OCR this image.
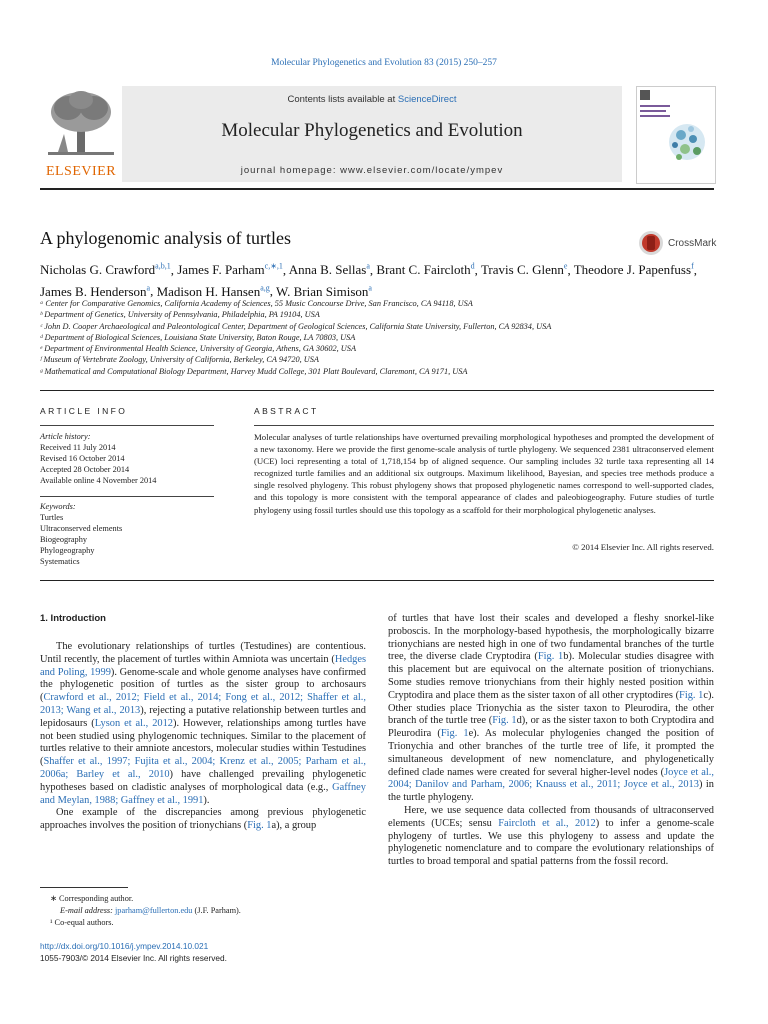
Molecular Phylogenetics and Evolution 83 (2015) 250–257
ELSEVIER
Contents lists available at ScienceDirect
Molecular Phylogenetics and Evolution
journal homepage: www.elsevier.com/locate/ympev
A phylogenomic analysis of turtles	CrossMark
Nicholas G. Crawford$^{a,b,1}$, James F. Parham$^{c,∗,1}$, Anna B. Sellas$^a$, Brant C. Faircloth$^d$, Travis C. Glenn$^e$, Theodore J. Papenfuss$^f$, James B. Henderson$^a$, Madison H. Hansen$^{a,g}$, W. Brian Simison$^a$
ᵃ Center for Comparative Genomics, California Academy of Sciences, 55 Music Concourse Drive, San Francisco, CA 94118, USA
ᵇ Department of Genetics, University of Pennsylvania, Philadelphia, PA 19104, USA
ᶜ John D. Cooper Archaeological and Paleontological Center, Department of Geological Sciences, California State University, Fullerton, CA 92834, USA
ᵈ Department of Biological Sciences, Louisiana State University, Baton Rouge, LA 70803, USA
ᵉ Department of Environmental Health Science, University of Georgia, Athens, GA 30602, USA
ᶠ Museum of Vertebrate Zoology, University of California, Berkeley, CA 94720, USA
ᵍ Mathematical and Computational Biology Department, Harvey Mudd College, 301 Platt Boulevard, Claremont, CA 9171, USA
ARTICLE INFO
Article history:
Received 11 July 2014
Revised 16 October 2014
Accepted 28 October 2014
Available online 4 November 2014
Keywords:
Turtles
Ultraconserved elements
Biogeography
Phylogeography
Systematics
ABSTRACT
Molecular analyses of turtle relationships have overturned prevailing morphological hypotheses and prompted the development of a new taxonomy. Here we provide the first genome-scale analysis of turtle phylogeny. We sequenced 2381 ultraconserved element (UCE) loci representing a total of 1,718,154 bp of aligned sequence. Our sampling includes 32 turtle taxa representing all 14 recognized turtle families and an additional six outgroups. Maximum likelihood, Bayesian, and species tree methods produce a single resolved phylogeny. This robust phylogeny shows that proposed phylogenetic names correspond to well-supported clades, and this topology is more consistent with the temporal appearance of clades and paleobiogeography. Future studies of turtle phylogeny using fossil turtles should use this topology as a scaffold for their morphological phylogenetic analyses.
© 2014 Elsevier Inc. All rights reserved.
1. Introduction

The evolutionary relationships of turtles (Testudines) are contentious. Until recently, the placement of turtles within Amniota was uncertain (Hedges and Poling, 1999). Genome-scale and whole genome analyses have confirmed the phylogenetic position of turtles as the sister group to archosaurs (Crawford et al., 2012; Field et al., 2014; Fong et al., 2012; Shaffer et al., 2013; Wang et al., 2013), rejecting a putative relationship between turtles and lepidosaurs (Lyson et al., 2012). However, relationships among turtles have not been studied using phylogenomic techniques. Similar to the placement of turtles relative to their amniote ancestors, molecular studies within Testudines (Shaffer et al., 1997; Fujita et al., 2004; Krenz et al., 2005; Parham et al., 2006a; Barley et al., 2010) have challenged prevailing phylogenetic hypotheses based on cladistic analyses of morphological data (e.g., Gaffney and Meylan, 1988; Gaffney et al., 1991).

One example of the discrepancies among previous phylogenetic approaches involves the position of trionychians (Fig. 1a), a group

of turtles that have lost their scales and developed a fleshy snorkel-like proboscis. In the morphology-based hypothesis, the morphologically bizarre trionychians are nested high in one of two fundamental branches of the turtle tree, the diverse clade Cryptodira (Fig. 1b). Molecular studies disagree with this placement but are equivocal on the alternate position of trionychians. Some studies remove trionychians from their highly nested position within Cryptodira and place them as the sister taxon of all other cryptodires (Fig. 1c). Other studies place Trionychia as the sister taxon to Pleurodira, the other branch of the turtle tree (Fig. 1d), or as the sister taxon to both Cryptodira and Pleurodira (Fig. 1e). As molecular phylogenies changed the position of Trionychia and other branches of the turtle tree of life, it prompted the simultaneous development of new nomenclature, and phylogenetically defined clade names were created for several higher-level nodes (Joyce et al., 2004; Danilov and Parham, 2006; Knauss et al., 2011; Joyce et al., 2013) in the turtle phylogeny.

Here, we use sequence data collected from thousands of ultraconserved elements (UCEs; sensu Faircloth et al., 2012) to infer a genome-scale phylogeny of turtles. We use this phylogeny to assess and update the phylogenetic nomenclature and to compare the evolutionary relationships of turtles to broad temporal and spatial patterns from the fossil record.

∗ Corresponding author.
E-mail address: jparham@fullerton.edu (J.F. Parham).
¹ Co-equal authors.
http://dx.doi.org/10.1016/j.ympev.2014.10.021
1055-7903/© 2014 Elsevier Inc. All rights reserved.
